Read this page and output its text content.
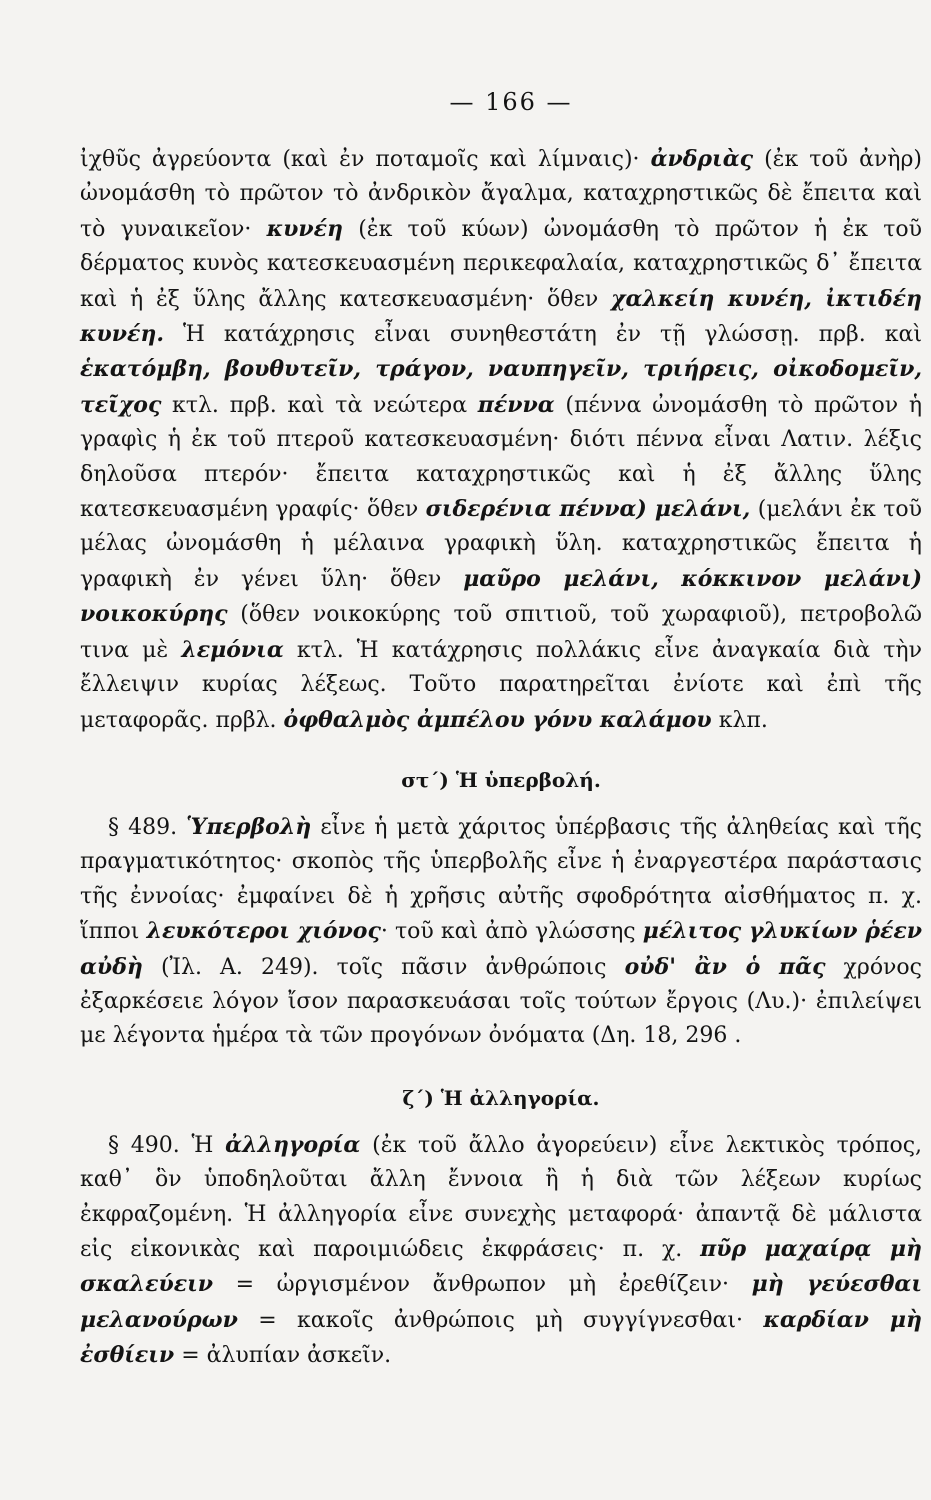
— 166 —

ἰχθῦς ἀγρεύοντα (καὶ ἐν ποταμοῖς καὶ λίμναις)· ἀνδριὰς (ἐκ τοῦ ἀνὴρ) ὠνομάσθη τὸ πρῶτον τὸ ἀνδρικὸν ἄγαλμα, καταχρηστικῶς δὲ ἔπειτα καὶ τὸ γυναικεῖον· κυνέη (ἐκ τοῦ κύων) ὠνομάσθη τὸ πρῶτον ἡ ἐκ τοῦ δέρματος κυνὸς κατεσκευασμένη περικεφαλαία, καταχρηστικῶς δ᾽ ἔπειτα καὶ ἡ ἐξ ὕλης ἄλλης κατεσκευασμένη· ὅθεν χαλκείη κυνέη, ἰκτιδέη κυνέη. Ἡ κατάχρησις εἶναι συνηθεστάτη ἐν τῇ γλώσσῃ. πρβ. καὶ ἑκατόμβη, βουθυτεῖν, τράγον, ναυπηγεῖν, τριήρεις, οἰκοδομεῖν, τεῖχος κτλ. πρβ. καὶ τὰ νεώτερα πέννα (πέννα ὠνομάσθη τὸ πρῶτον ἡ γραφὶς ἡ ἐκ τοῦ πτεροῦ κατεσκευασμένη· διότι πέννα εἶναι Λατιν. λέξις δηλοῦσα πτερόν· ἔπειτα καταχρηστικῶς καὶ ἡ ἐξ ἄλλης ὕλης κατεσκευασμένη γραφίς· ὅθεν σιδερένια πέννα) μελάνι, (μελάνι ἐκ τοῦ μέλας ὠνομάσθη ἡ μέλαινα γραφικὴ ὕλη. καταχρηστικῶς ἔπειτα ἡ γραφικὴ ἐν γένει ὕλη· ὅθεν μαῦρο μελάνι, κόκκινον μελάνι) νοικοκύρης (ὅθεν νοικοκύρης τοῦ σπιτιοῦ, τοῦ χωραφιοῦ), πετροβολῶ τινα μὲ λεμόνια κτλ. Ἡ κατάχρησις πολλάκις εἶνε ἀναγκαία διὰ τὴν ἔλλειψιν κυρίας λέξεως. Τοῦτο παρατηρεῖται ἐνίοτε καὶ ἐπὶ τῆς μεταφορᾶς. πρβλ. ὀφθαλμὸς ἀμπέλου γόνυ καλάμου κλπ.

στ´) Ἡ ὑπερβολή.

§ 489. Ὑπερβολὴ εἶνε ἡ μετὰ χάριτος ὑπέρβασις τῆς ἀληθείας καὶ τῆς πραγματικότητος· σκοπὸς τῆς ὑπερβολῆς εἶνε ἡ ἐναργεστέρα παράστασις τῆς ἐννοίας· ἐμφαίνει δὲ ἡ χρῆσις αὐτῆς σφοδρότητα αἰσθήματος π. χ. ἵπποι λευκότεροι χιόνος· τοῦ καὶ ἀπὸ γλώσσης μέλιτος γλυκίων ῥέεν αὐδὴ (Ἰλ. Α. 249). τοῖς πᾶσιν ἀνθρώποις οὐδ' ἂν ὁ πᾶς χρόνος ἐξαρκέσειε λόγον ἴσον παρασκευάσαι τοῖς τούτων ἔργοις (Λυ.)· ἐπιλείψει με λέγοντα ἡμέρα τὰ τῶν προγόνων ὀνόματα (Δη. 18, 296 .

ζ´) Ἡ ἀλληγορία.

§ 490. Ἡ ἀλληγορία (ἐκ τοῦ ἄλλο ἀγορεύειν) εἶνε λεκτικὸς τρόπος, καθ᾽ ὃν ὑποδηλοῦται ἄλλη ἔννοια ἢ ἡ διὰ τῶν λέξεων κυρίως ἐκφραζομένη. Ἡ ἀλληγορία εἶνε συνεχὴς μεταφορά· ἀπαντᾷ δὲ μάλιστα εἰς εἰκονικὰς καὶ παροιμιώδεις ἐκφράσεις· π. χ. πῦρ μαχαίρᾳ μὴ σκαλεύειν = ὠργισμένον ἄνθρωπον μὴ ἐρεθίζειν· μὴ γεύεσθαι μελανούρων = κακοῖς ἀνθρώποις μὴ συγγίγνεσθαι· καρδίαν μὴ ἐσθίειν = ἀλυπίαν ἀσκεῖν.
